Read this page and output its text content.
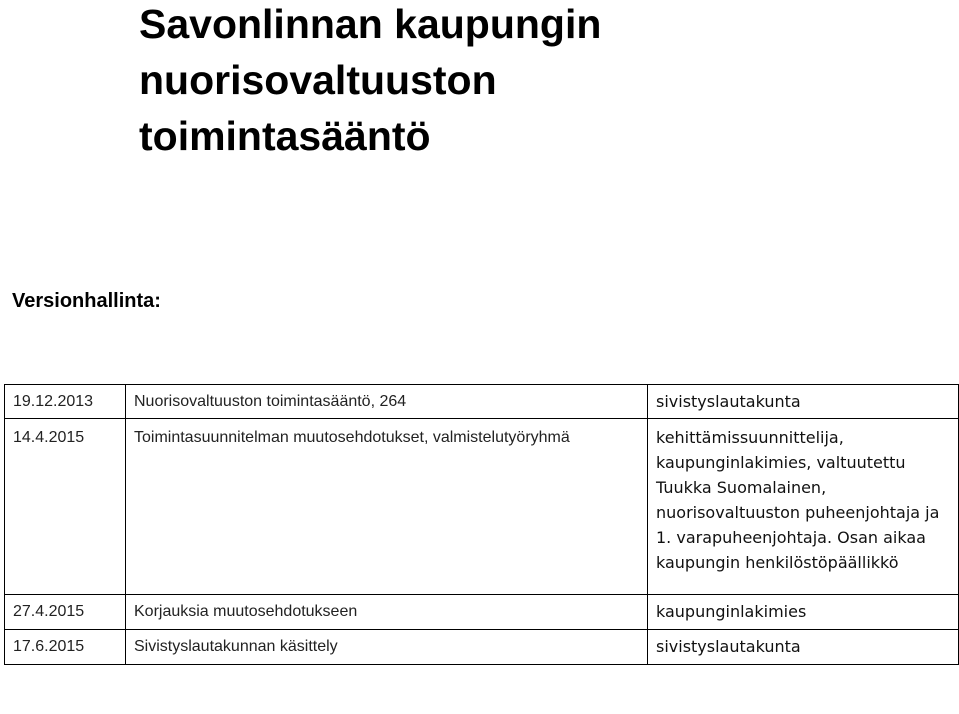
Savonlinnan kaupungin
nuorisovaltuuston
toimintasääntö
Versionhallinta:
19.12.2013	Nuorisovaltuuston toimintasääntö, 264	sivistyslautakunta
14.4.2015	Toimintasuunnitelman muutosehdotukset, valmistelutyöryhmä	kehittämissuunnittelija, kaupunginlakimies, valtuutettu Tuukka Suomalainen, nuorisovaltuuston puheenjohtaja ja 1. varapuheenjohtaja. Osan aikaa kaupungin henkilöstöpäällikkö
27.4.2015	Korjauksia muutosehdotukseen	kaupunginlakimies
17.6.2015	Sivistyslautakunnan käsittely	sivistyslautakunta
